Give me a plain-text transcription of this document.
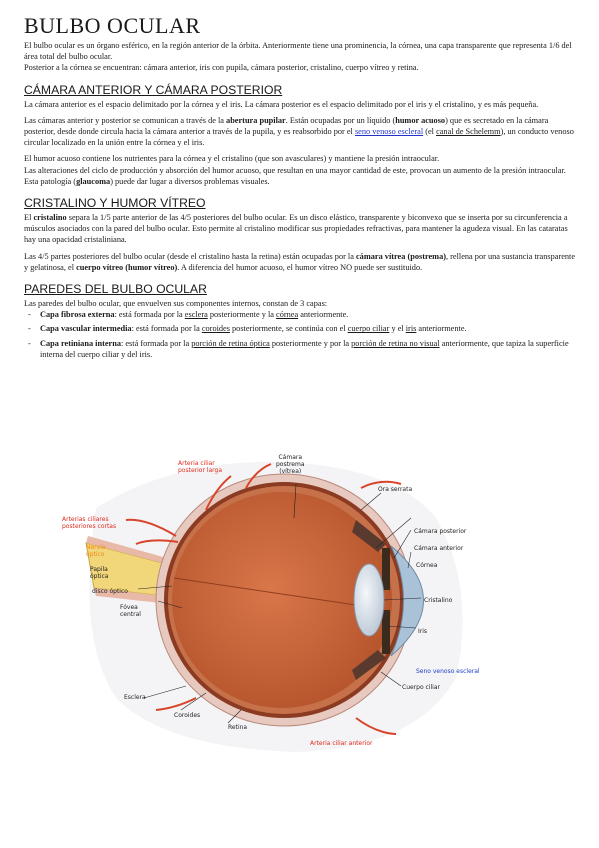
BULBO OCULAR

El bulbo ocular es un órgano esférico, en la región anterior de la órbita. Anteriormente tiene una prominencia, la córnea, una capa transparente que representa 1/6 del área total del bulbo ocular.

Posterior a la córnea se encuentran: cámara anterior, iris con pupila, cámara posterior, cristalino, cuerpo vítreo y retina.

CÁMARA ANTERIOR Y CÁMARA POSTERIOR

La cámara anterior es el espacio delimitado por la córnea y el iris. La cámara posterior es el espacio delimitado por el iris y el cristalino, y es más pequeña.

Las cámaras anterior y posterior se comunican a través de la abertura pupilar. Están ocupadas por un líquido (humor acuoso) que es secretado en la cámara posterior, desde donde circula hacia la cámara anterior a través de la pupila, y es reabsorbido por el seno venoso escleral (el canal de Schelemm), un conducto venoso circular localizado en la unión entre la córnea y el iris.

El humor acuoso contiene los nutrientes para la córnea y el cristalino (que son avasculares) y mantiene la presión intraocular.

Las alteraciones del ciclo de producción y absorción del humor acuoso, que resultan en una mayor cantidad de este, provocan un aumento de la presión intraocular. Esta patología (glaucoma) puede dar lugar a diversos problemas visuales.

CRISTALINO Y HUMOR VÍTREO

El cristalino separa la 1/5 parte anterior de las 4/5 posteriores del bulbo ocular. Es un disco elástico, transparente y biconvexo que se inserta por su circunferencia a músculos asociados con la pared del bulbo ocular. Esto permite al cristalino modificar sus propiedades refractivas, para mantener la agudeza visual. En las cataratas hay una opacidad cristaliniana.

Las 4/5 partes posteriores del bulbo ocular (desde el cristalino hasta la retina) están ocupadas por la cámara vítrea (postrema), rellena por una sustancia transparente y gelatinosa, el cuerpo vítreo (humor vítreo). A diferencia del humor acuoso, el humor vítreo NO puede ser sustituido.

PAREDES DEL BULBO OCULAR

Las paredes del bulbo ocular, que envuelven sus componentes internos, constan de 3 capas:

- Capa fibrosa externa: está formada por la esclera posteriormente y la córnea anteriormente.
- Capa vascular intermedia: está formada por la coroides posteriormente, se continúa con el cuerpo ciliar y el iris anteriormente.
- Capa retiniana interna: está formada por la porción de retina óptica posteriormente y por la porción de retina no visual anteriormente, que tapiza la superficie interna del cuerpo ciliar y del iris.
Arteria ciliar
posterior larga
Cámara
postrema
(vítrea)
Ora serrata
Arterias ciliares
posteriores cortas
Cámara posterior
Cámara anterior
Nervio
óptico
Córnea
Papila
óptica
disco óptico
Cristalino
Fóvea
central
Iris
Seno venoso escleral
Cuerpo ciliar
Esclera
Coroides
Retina
Arteria ciliar anterior
